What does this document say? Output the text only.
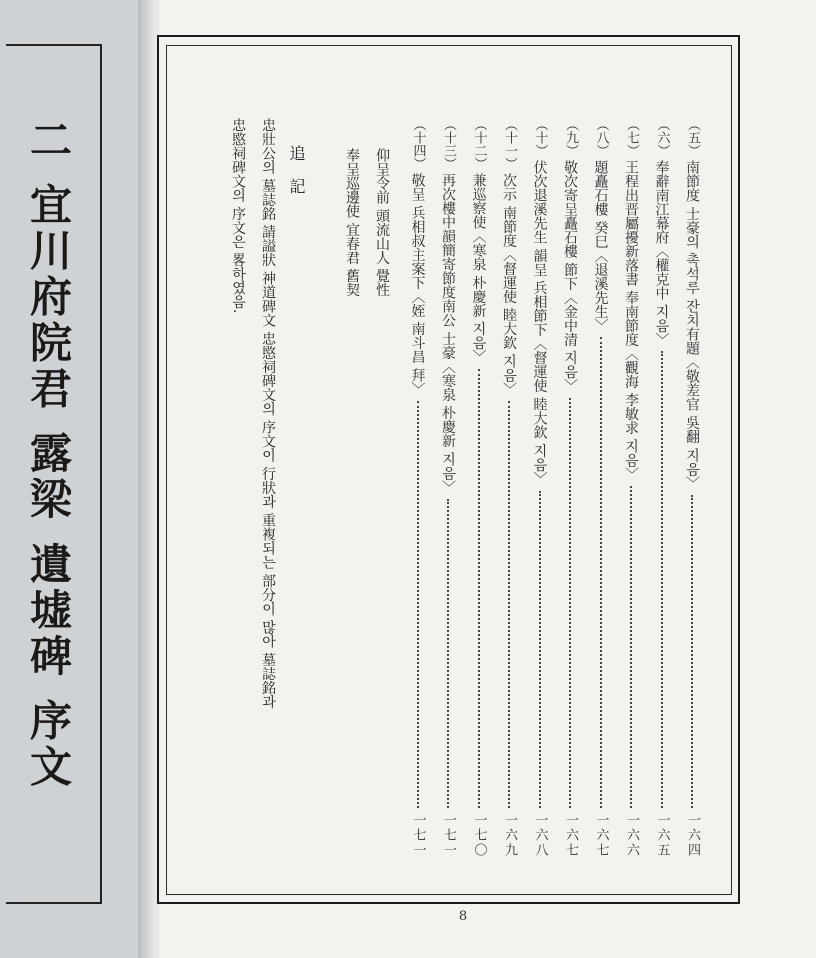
二 宜川府院君 露梁 遺墟碑 序文	（五）
南節度 士豪의 촉석루 잔치有題〈敬差官 吳翻 지음〉
一六四
（六）
奉辭南江幕府〈權克中 지음〉
一六五
（七）
王程出晋屬擾新落書 奉南節度〈觀海 李敏求 지음〉
一六六
（八）
題矗石樓 癸巳〈退溪先生〉
一六七
（九）
敬次寄呈矗石樓 節下〈金中清 지음〉
一六七
（十）
伏次退溪先生 韻呈 兵相節下〈督運使 睦大欽 지음〉
一六八
（十一）
次示 南節度〈督運使 睦大欽 지음〉
一六九
（十二）
兼巡察使〈寒泉 朴慶新 지음〉
一七〇
（十三）
再次樓中韻簡寄節度南公 士豪〈寒泉 朴慶新 지음〉
一七一
（十四）
敬呈 兵相叔主案下〈姪 南斗昌 拜〉
一七一
仰呈令前 頭流山人 覺性
奉呈巡邊使 宜春君 舊契
追 記
忠壯公의 墓誌銘 請謚狀 神道碑文 忠愍祠碑文의 序文이 行狀과 重複되는 部分이 많아 墓誌銘과
忠愍祠碑文의 序文은 畧하였음.
8
